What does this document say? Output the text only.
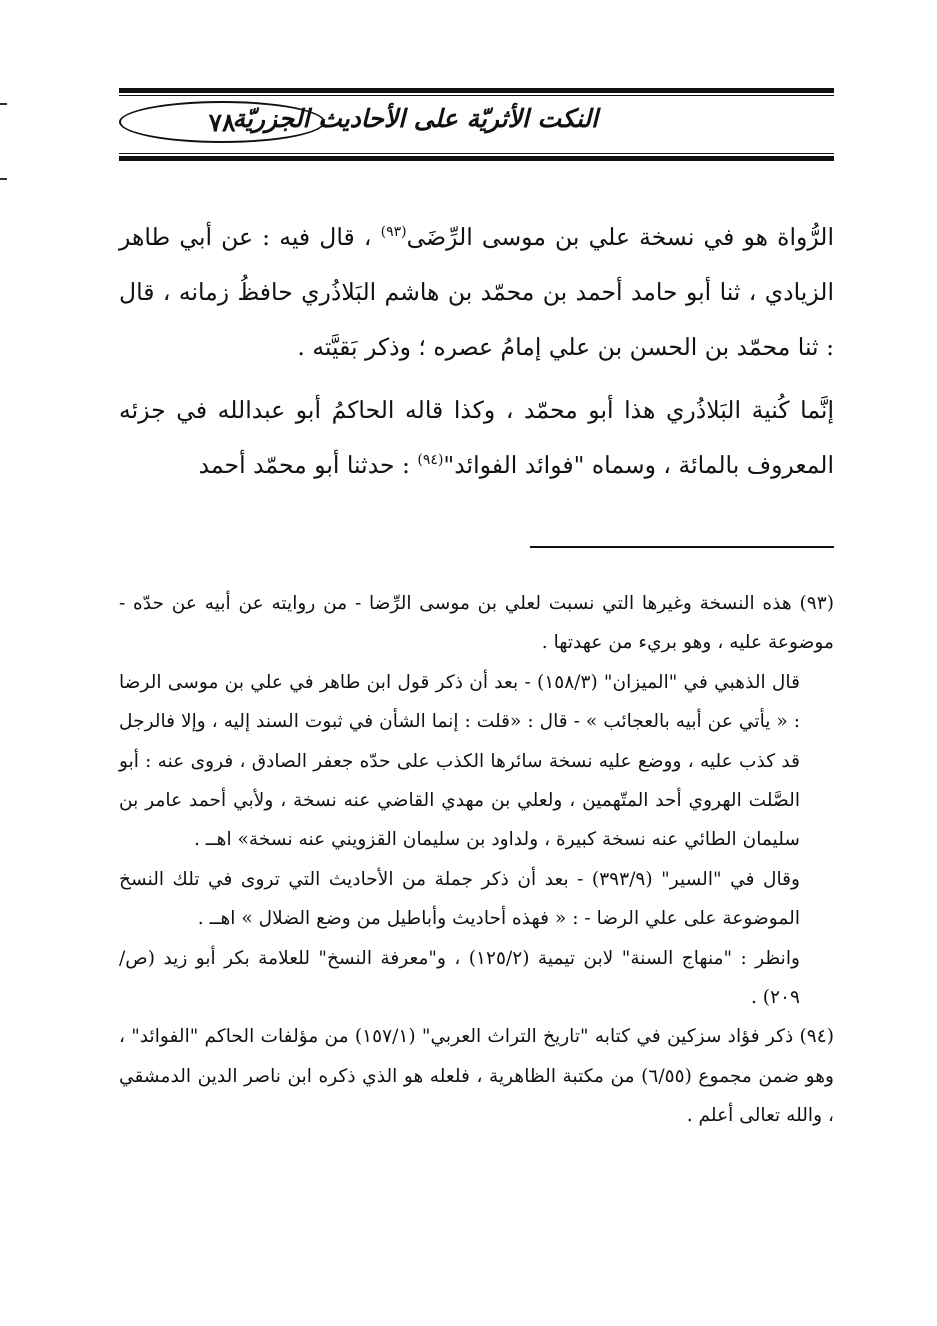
النكت الأثريّة على الأحاديث الجزريّة
٧٨

الرُّواة هو في نسخة علي بن موسى الرِّضَى$^{(٩٣)}$ ، قال فيه : عن أبي طاهر الزيادي ، ثنا أبو حامد أحمد بن محمّد بن هاشم البَلاذُري حافظُ زمانه ، قال : ثنا محمّد بن الحسن بن علي إمامُ عصره ؛ وذكر بَقيَّته .

إنَّما كُنية البَلاذُري هذا أبو محمّد ، وكذا قاله الحاكمُ أبو عبدالله في جزئه المعروف بالمائة ، وسماه "فوائد الفوائد"$^{(٩٤)}$ : حدثنا أبو محمّد أحمد

(٩٣) هذه النسخة وغيرها التي نسبت لعلي بن موسى الرِّضا - من روايته عن أبيه عن حدّه - موضوعة عليه ، وهو بريء من عهدتها .

قال الذهبي في "الميزان" (١٥٨/٣) - بعد أن ذكر قول ابن طاهر في علي بن موسى الرضا : « يأتي عن أبيه بالعجائب » - قال : «قلت : إنما الشأن في ثبوت السند إليه ، وإلا فالرجل قد كذب عليه ، ووضع عليه نسخة سائرها الكذب على حدّه جعفر الصادق ، فروى عنه : أبو الصَّلت الهروي أحد المتّهمين ، ولعلي بن مهدي القاضي عنه نسخة ، ولأبي أحمد عامر بن سليمان الطائي عنه نسخة كبيرة ، ولداود بن سليمان القزويني عنه نسخة» اهــ .

وقال في "السير" (٣٩٣/٩) - بعد أن ذكر جملة من الأحاديث التي تروى في تلك النسخ الموضوعة على علي الرضا - : « فهذه أحاديث وأباطيل من وضع الضلال » اهــ .

وانظر : "منهاج السنة" لابن تيمية (١٢٥/٢) ، و"معرفة النسخ" للعلامة بكر أبو زيد (ص/٢٠٩) .

(٩٤) ذكر فؤاد سزكين في كتابه "تاريخ التراث العربي" (١٥٧/١) من مؤلفات الحاكم "الفوائد" ، وهو ضمن مجموع (٦/٥٥) من مكتبة الظاهرية ، فلعله هو الذي ذكره ابن ناصر الدين الدمشقي ، والله تعالى أعلم .
